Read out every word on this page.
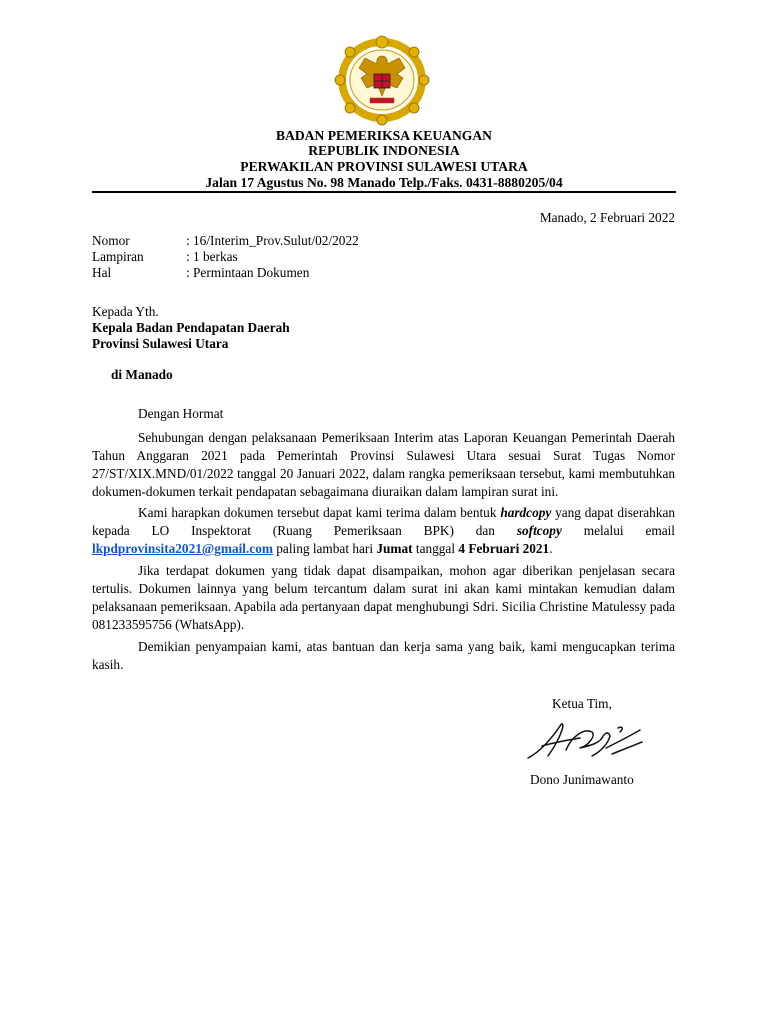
BADAN PEMERIKSA KEUANGAN
REPUBLIK INDONESIA
PERWAKILAN PROVINSI SULAWESI UTARA
Jalan 17 Agustus No. 98 Manado Telp./Faks. 0431-8880205/04
Manado, 2 Februari 2022
Nomor	: 16/Interim_Prov.Sulut/02/2022
Lampiran	: 1 berkas
Hal	: Permintaan Dokumen
Kepada Yth.
Kepala Badan Pendapatan Daerah
Provinsi Sulawesi Utara
di Manado
Dengan Hormat

Sehubungan dengan pelaksanaan Pemeriksaan Interim atas Laporan Keuangan Pemerintah Daerah Tahun Anggaran 2021 pada Pemerintah Provinsi Sulawesi Utara sesuai Surat Tugas Nomor 27/ST/XIX.MND/01/2022 tanggal 20 Januari 2022, dalam rangka pemeriksaan tersebut, kami membutuhkan dokumen-dokumen terkait pendapatan sebagaimana diuraikan dalam lampiran surat ini.

Kami harapkan dokumen tersebut dapat kami terima dalam bentuk hardcopy yang dapat diserahkan kepada LO Inspektorat (Ruang Pemeriksaan BPK) dan softcopy melalui email lkpdprovinsita2021@gmail.com paling lambat hari Jumat tanggal 4 Februari 2021.

Jika terdapat dokumen yang tidak dapat disampaikan, mohon agar diberikan penjelasan secara tertulis. Dokumen lainnya yang belum tercantum dalam surat ini akan kami mintakan kemudian dalam pelaksanaan pemeriksaan. Apabila ada pertanyaan dapat menghubungi Sdri. Sicilia Christine Matulessy pada 081233595756 (WhatsApp).

Demikian penyampaian kami, atas bantuan dan kerja sama yang baik, kami mengucapkan terima kasih.

Ketua Tim,
Dono Junimawanto
